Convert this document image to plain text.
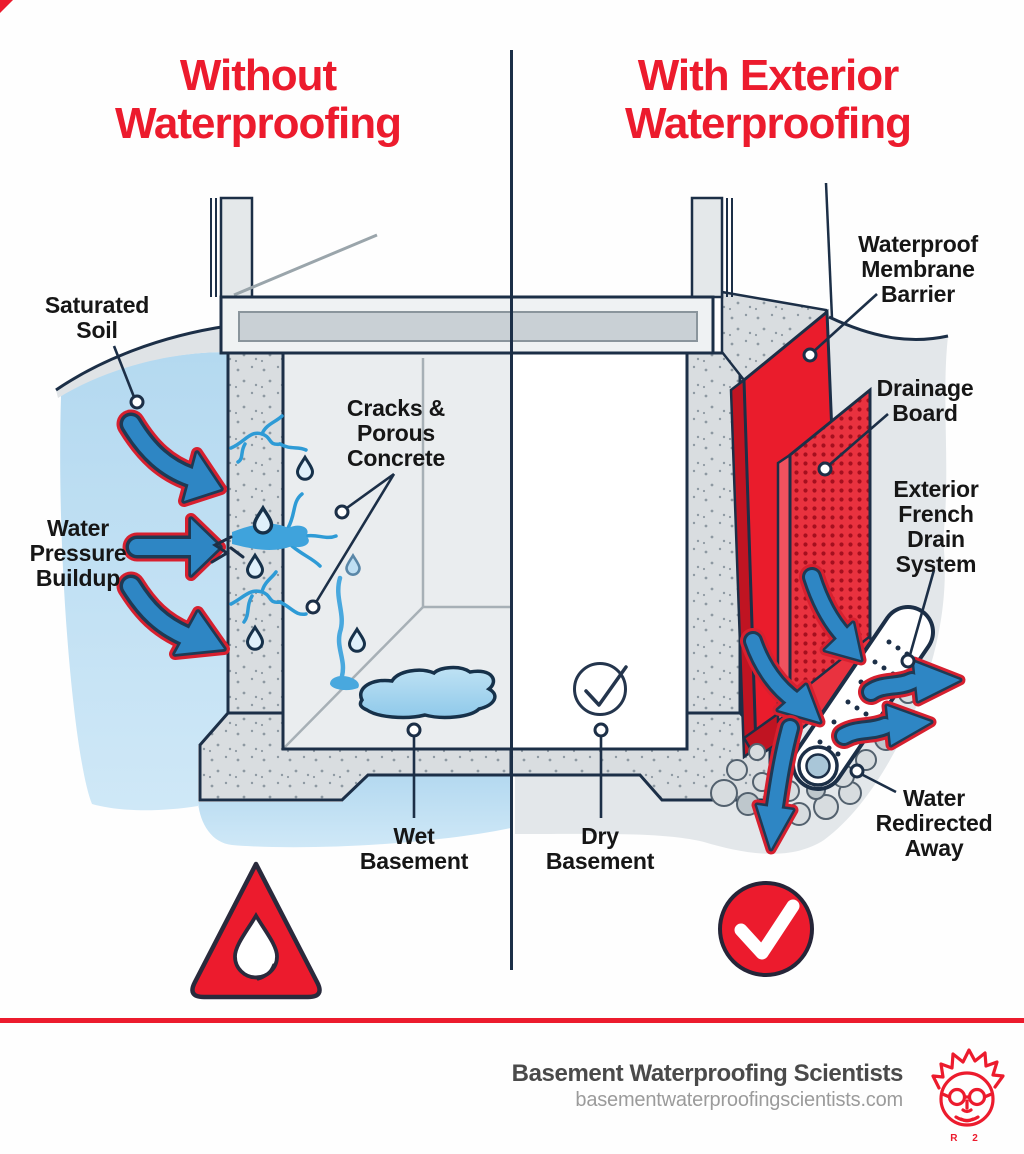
Without
Waterproofing
With Exterior
Waterproofing
Saturated
Soil
Water
Pressure
Buildup
Cracks &
Porous
Concrete
Wet
Basement
Dry
Basement
Waterproof
Membrane
Barrier
Drainage
Board
Exterior
French
Drain
System
Water
Redirected
Away
Basement Waterproofing Scientists
basementwaterproofingscientists.com
R 2
